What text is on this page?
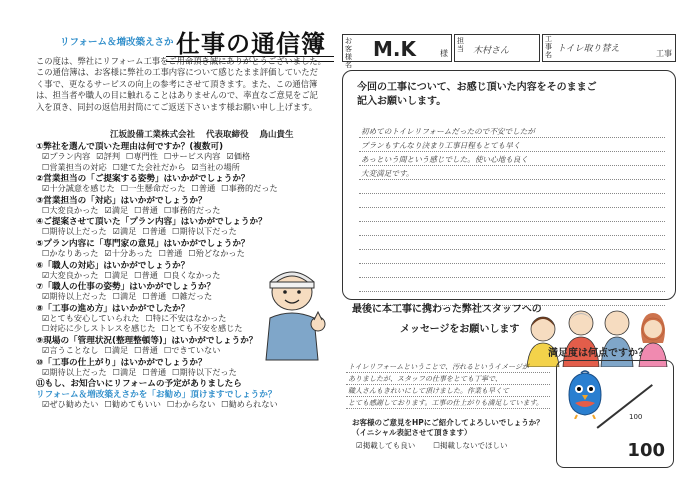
リフォーム＆増改築えさか 仕事の通信簿
この度は、弊社にリフォーム工事をご用命頂き誠にありがとうございました。この通信簿は、お客様に弊社の工事内容について感じたまま評価していただく事で、更なるサービスの向上の参考にさせて頂きます。また、この通信簿は、担当者や職人の目に触れることはありませんので、率直なご意見をご記入を頂き、同封の返信用封筒にてご返送下さいます様お願い申し上げます。
江坂設備工業株式会社 代表取締役 鳥山貴生
①弊社を選んで頂いた理由は何ですか？(複数可)
☑ プラン内容 ☑ 評判 ☐ 専門性 ☐ サービス内容 ☑ 価格
☐ 営業担当の対応 ☐ 建てた会社だから ☑ 当社の場所
②営業担当の「ご提案する姿勢」はいかがでしょうか？
☑ 十分誠意を感じた ☐ 一生懸命だった ☐ 普通 ☐ 事務的だった
③営業担当の「対応」はいかがでしょうか？
☐ 大変良かった ☑ 満足 ☐ 普通 ☐ 事務的だった
④ご提案させて頂いた「プラン内容」はいかがでしょうか？
☐ 期待以上だった ☑ 満足 ☐ 普通 ☐ 期待以下だった
⑤プラン内容に「専門家の意見」はいかがでしょうか？
☐ かなりあった ☑ 十分あった ☐ 普通 ☐ 殆どなかった
⑥「職人の対応」はいかがでしょうか？
☑ 大変良かった ☐ 満足 ☐ 普通 ☐ 良くなかった
⑦「職人の仕事の姿勢」はいかがでしょうか？
☑ 期待以上だった ☐ 満足 ☐ 普通 ☐ 雑だった
⑧「工事の進め方」はいかがでしたか？
☑ とても安心していられた ☐ 特に不安はなかった
☐ 対応に少しストレスを感じた ☐ とても不安を感じた
⑨現場の「管理状況(整理整頓等)」はいかがでしょうか？
☑ 言うことなし ☐ 満足 ☐ 普通 ☐ できていない
⑩「工事の仕上がり」はいかがでしょうか？
☑ 期待以上だった ☐ 満足 ☐ 普通 ☐ 期待以下だった
⑪もし、お知合いにリフォームの予定がありましたら
リフォーム＆増改築えさかを「お勧め」頂けますでしょうか？
☑ ぜひ勧めたい ☐ 勧めてもいい ☐ わからない ☐ 勧められない
お客様名
M.K	様
担当 木村さん
工事名
トイレ取り替え	工事
今回の工事について、お感じ頂いた内容をそのままご
記入お願いします。
初めてのトイレリフォームだったので不安でしたが
プランもすんなり決まり工事日程もとても早く
あっという間という感じでした。使い心地も良く
大変満足です。
最後に本工事に携わった弊社スタッフへの
メッセージをお願いします
満足度は何点ですか？
トイレリフォームということで、汚れるというイメージが
ありましたが、スタッフの仕事をとても丁寧で、
職人さんもきれいにして頂けました。作業も早くて
とても感謝しております。工事の仕上がりも満足しています。
100
100
お客様のご意見をHPにご紹介してよろしいでしょうか？
（イニシャル表記させて頂きます）
☑ 掲載しても良い	☐ 掲載しないでほしい
